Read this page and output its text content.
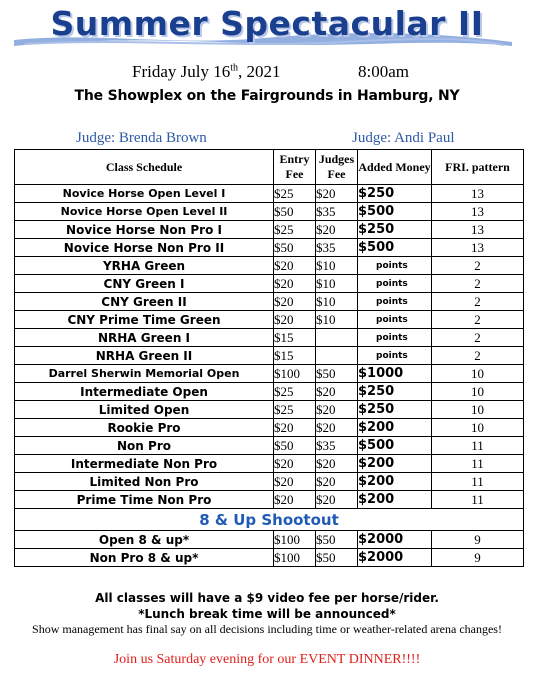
Summer Spectacular II
Friday July 16th, 2021	8:00am
The Showplex on the Fairgrounds in Hamburg, NY
Judge: Brenda Brown	Judge: Andi Paul
Class Schedule	Entry Fee	Judges Fee	Added Money	FRI. pattern
Novice Horse Open Level I	$25	$20	$250	13
Novice Horse Open Level II	$50	$35	$500	13
Novice Horse Non Pro I	$25	$20	$250	13
Novice Horse Non Pro II	$50	$35	$500	13
YRHA Green	$20	$10	points	2
CNY Green I	$20	$10	points	2
CNY Green II	$20	$10	points	2
CNY Prime Time Green	$20	$10	points	2
NRHA Green I	$15		points	2
NRHA Green II	$15		points	2
Darrel Sherwin Memorial Open	$100	$50	$1000	10
Intermediate Open	$25	$20	$250	10
Limited Open	$25	$20	$250	10
Rookie Pro	$20	$20	$200	10
Non Pro	$50	$35	$500	11
Intermediate Non Pro	$20	$20	$200	11
Limited Non Pro	$20	$20	$200	11
Prime Time Non Pro	$20	$20	$200	11
8 & Up Shootout				
Open 8 & up*	$100	$50	$2000	9
Non Pro 8 & up*	$100	$50	$2000	9
All classes will have a $9 video fee per horse/rider.
*Lunch break time will be announced*
Show management has final say on all decisions including time or weather-related arena changes!
Join us Saturday evening for our EVENT DINNER!!!!
